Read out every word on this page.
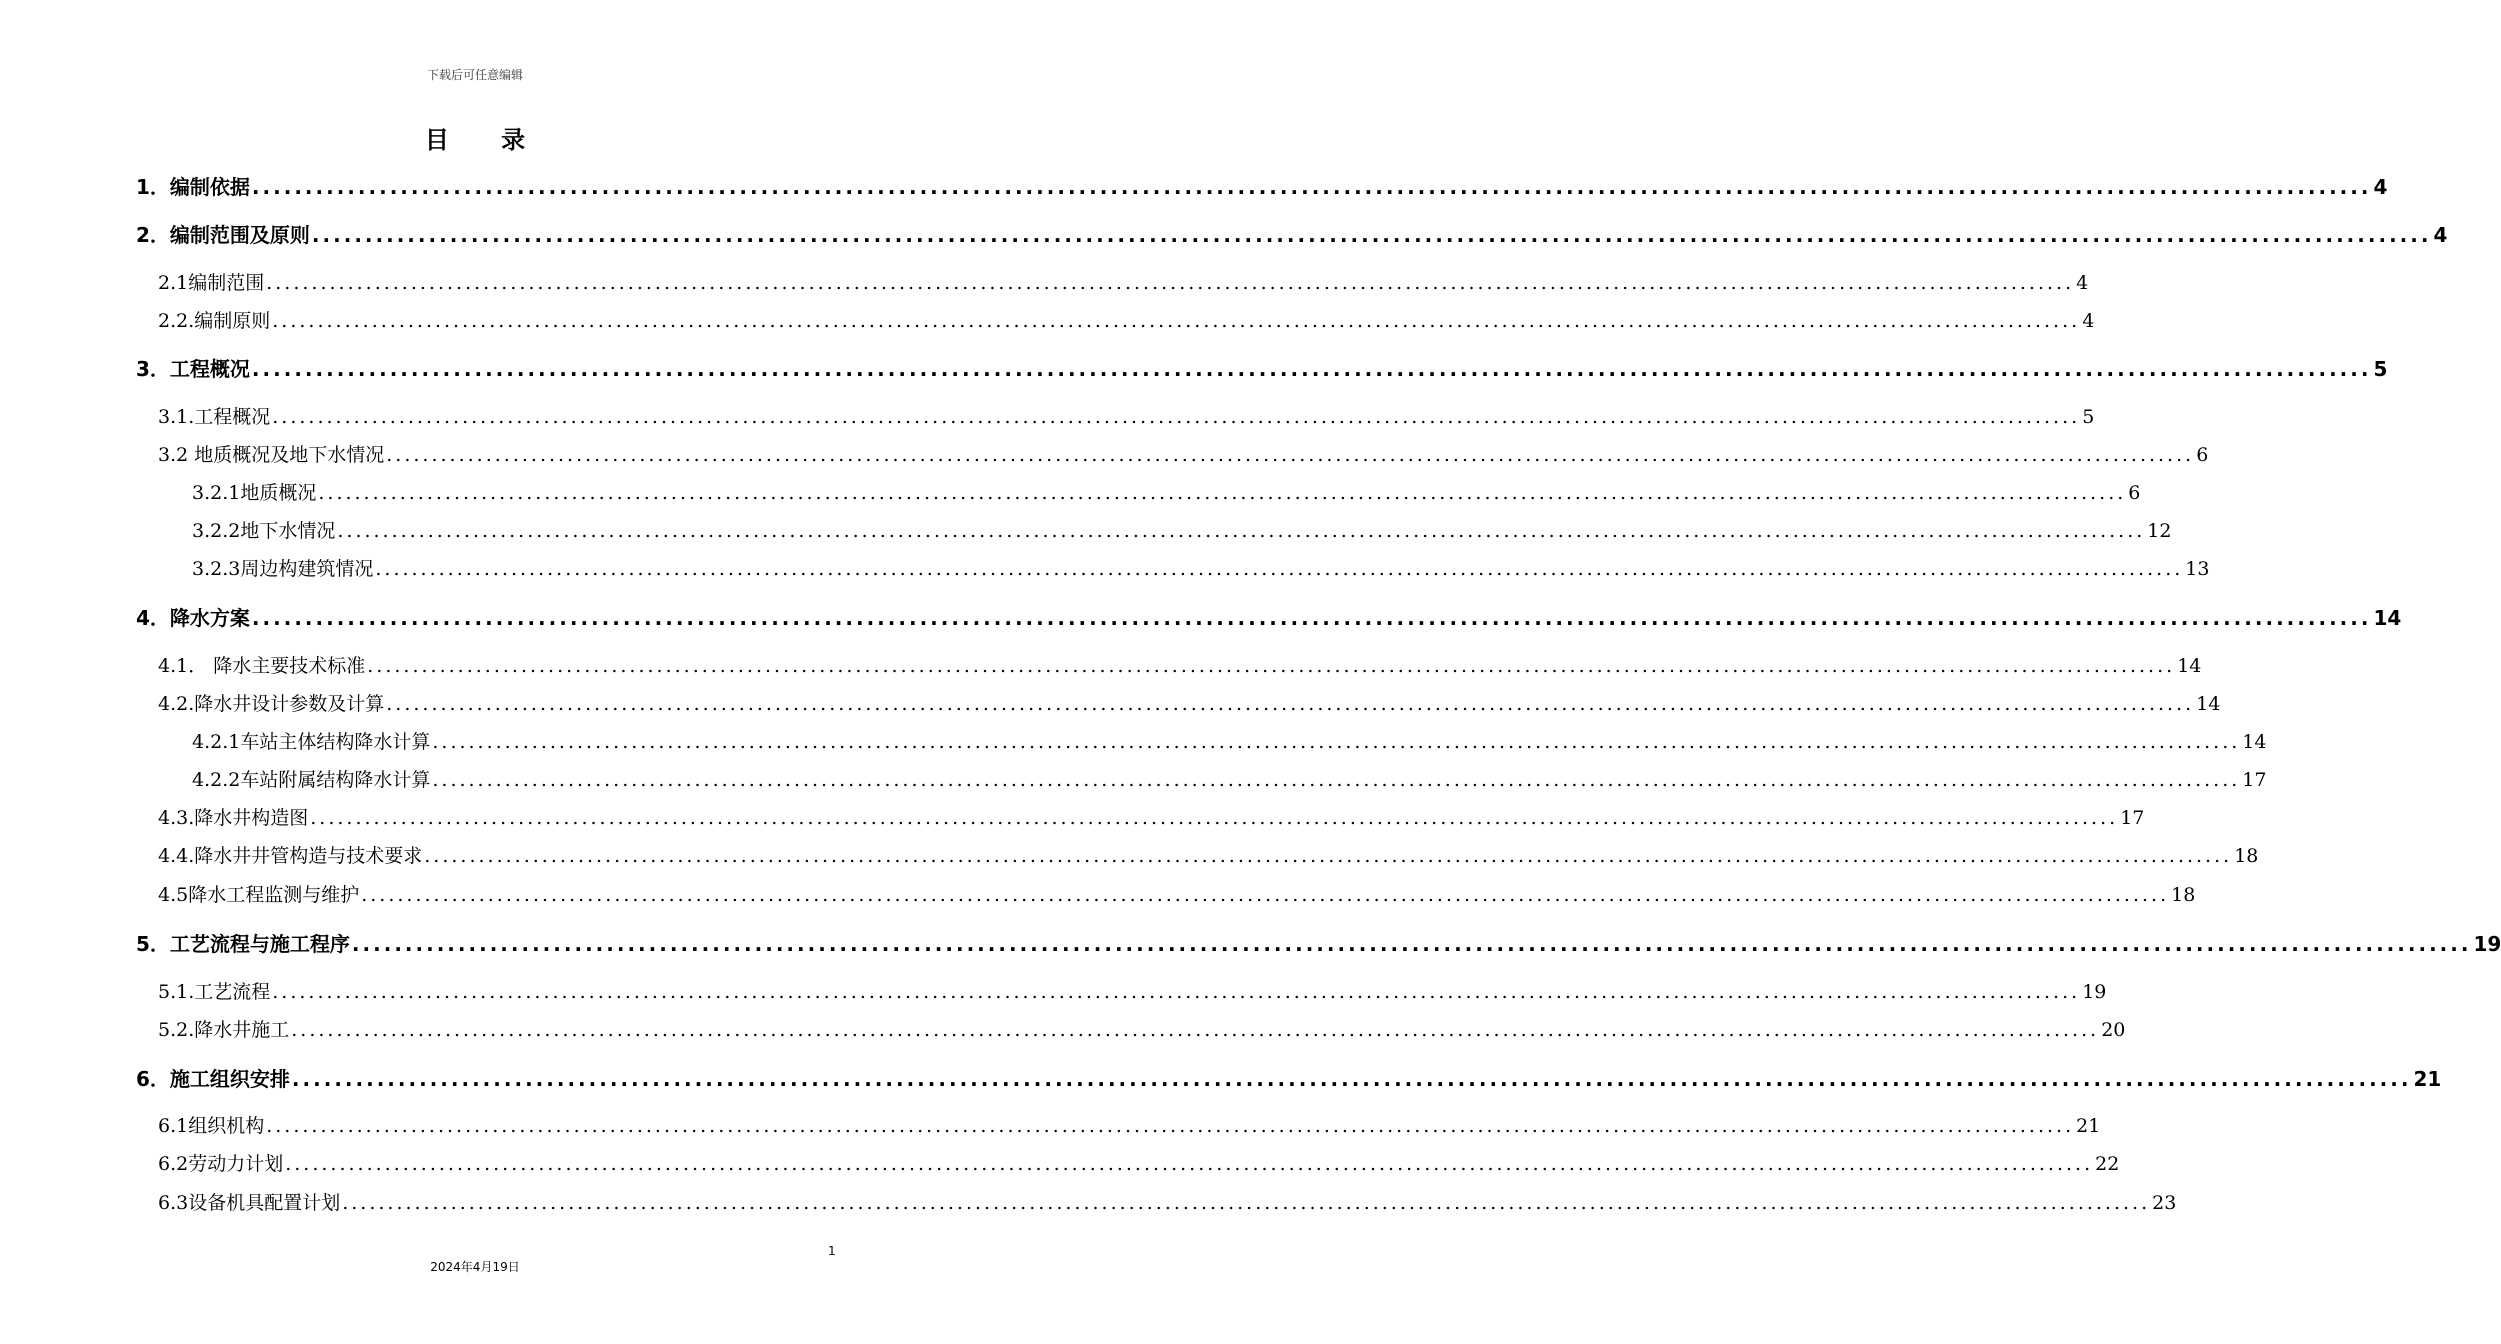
下载后可任意编辑
目 录
1．编制依据 ........................................................................................................................................................................................................ 4
2．编制范围及原则 ........................................................................................................................................................................................................ 4
2.1编制范围 ........................................................................................................................................................................................................ 4
2.2.编制原则 ........................................................................................................................................................................................................ 4
3．工程概况 ........................................................................................................................................................................................................ 5
3.1.工程概况 ........................................................................................................................................................................................................ 5
3.2 地质概况及地下水情况 ........................................................................................................................................................................................................ 6
3.2.1地质概况 ........................................................................................................................................................................................................ 6
3.2.2地下水情况 ........................................................................................................................................................................................................ 12
3.2.3周边构建筑情况 ........................................................................................................................................................................................................ 13
4．降水方案 ........................................................................................................................................................................................................ 14
4.1． 降水主要技术标准 ........................................................................................................................................................................................................ 14
4.2.降水井设计参数及计算 ........................................................................................................................................................................................................ 14
4.2.1车站主体结构降水计算 ........................................................................................................................................................................................................ 14
4.2.2车站附属结构降水计算 ........................................................................................................................................................................................................ 17
4.3.降水井构造图 ........................................................................................................................................................................................................ 17
4.4.降水井井管构造与技术要求 ........................................................................................................................................................................................................ 18
4.5降水工程监测与维护 ........................................................................................................................................................................................................ 18
5．工艺流程与施工程序 ........................................................................................................................................................................................................ 19
5.1.工艺流程 ........................................................................................................................................................................................................ 19
5.2.降水井施工 ........................................................................................................................................................................................................ 20
6．施工组织安排 ........................................................................................................................................................................................................ 21
6.1组织机构 ........................................................................................................................................................................................................ 21
6.2劳动力计划 ........................................................................................................................................................................................................ 22
6.3设备机具配置计划 ........................................................................................................................................................................................................ 23
1
2024年4月19日
